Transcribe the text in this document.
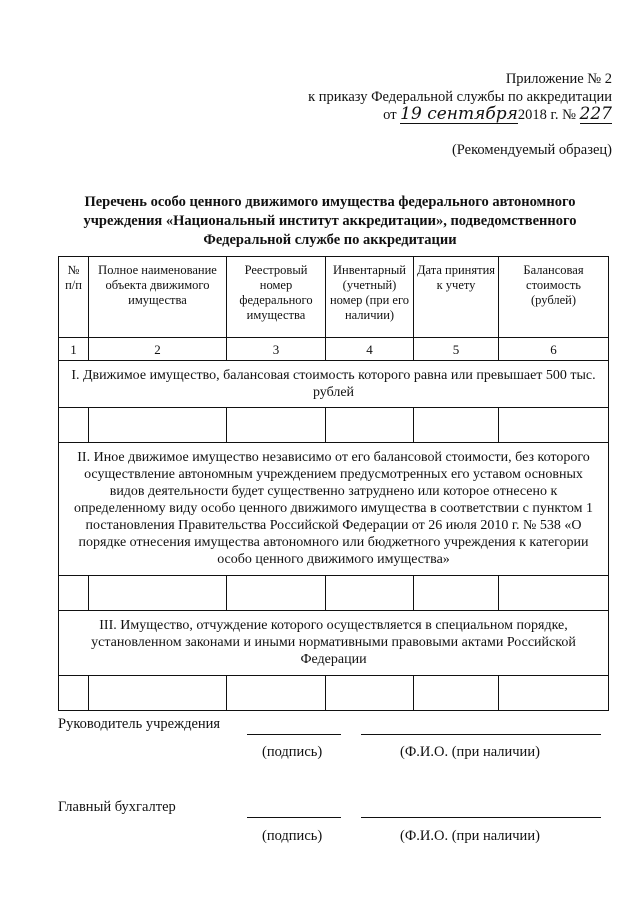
Приложение № 2
к приказу Федеральной службы по аккредитации
от 19 сентября2018 г. № 227
(Рекомендуемый образец)
Перечень особо ценного движимого имущества федерального автономного учреждения «Национальный институт аккредитации», подведомственного Федеральной службе по аккредитации
№ п/п	Полное наименование объекта движимого имущества	Реестровый номер федерального имущества	Инвентарный (учетный) номер (при его наличии)	Дата принятия к учету	Балансовая стоимость (рублей)
1	2	3	4	5	6
I. Движимое имущество, балансовая стоимость которого равна или превышает 500 тыс. рублей					

II. Иное движимое имущество независимо от его балансовой стоимости, без которого осуществление автономным учреждением предусмотренных его уставом основных видов деятельности будет существенно затруднено или которое отнесено к определенному виду особо ценного движимого имущества в соответствии с пунктом 1 постановления Правительства Российской Федерации от 26 июля 2010 г. № 538 «О порядке отнесения имущества автономного или бюджетного учреждения к категории особо ценного движимого имущества»					

III. Имущество, отчуждение которого осуществляется в специальном порядке, установленном законами и иными нормативными правовыми актами Российской Федерации					

Руководитель учреждения
(подпись)	(Ф.И.О. (при наличии)
Главный бухгалтер
(подпись)	(Ф.И.О. (при наличии)
